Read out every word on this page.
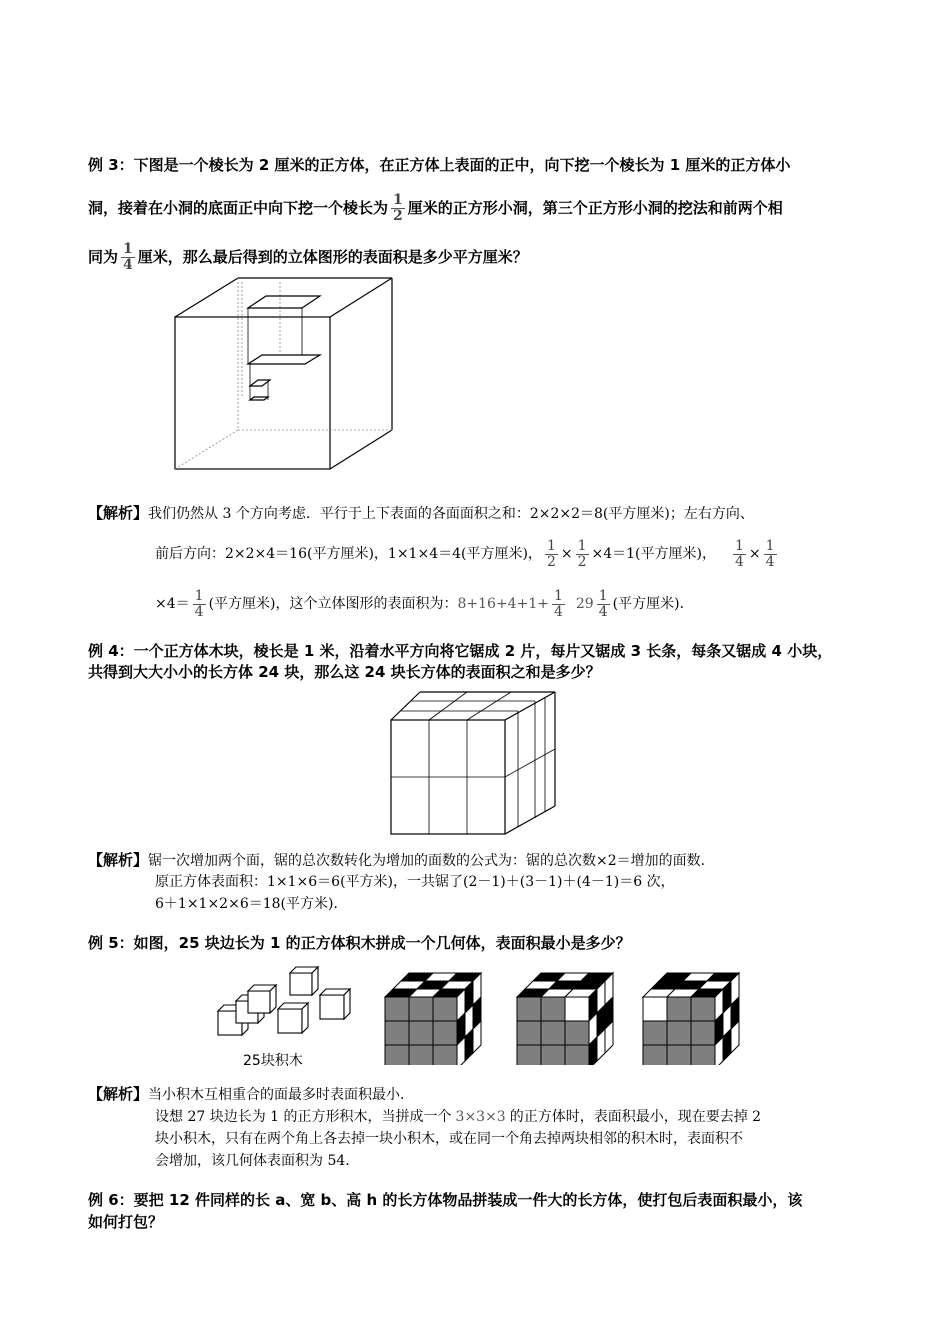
例 3：下图是一个棱长为 2 厘米的正方体，在正方体上表面的正中，向下挖一个棱长为 1 厘米的正方体小
洞，接着在小洞的底面正中向下挖一个棱长为 $\frac{1}{2}$ 厘米的正方形小洞，第三个正方形小洞的挖法和前两个相
同为 $\frac{1}{4}$ 厘米，那么最后得到的立体图形的表面积是多少平方厘米？
【解析】我们仍然从 3 个方向考虑．平行于上下表面的各面面积之和：2×2×2＝8(平方厘米)；左右方向、
前后方向：2×2×4＝16(平方厘米)，1×1×4＝4(平方厘米)， $\frac{1}{2} \times \frac{1}{2} \times 4=1$(平方厘米)， $\frac{1}{4} \times \frac{1}{4}$
$\times 4= \frac{1}{4}$ (平方厘米)，这个立体图形的表面积为： $8+16+4+1+ \frac{1}{4} 29 \frac{1}{4}$ (平方厘米)．
例 4：一个正方体木块，棱长是 1 米，沿着水平方向将它锯成 2 片，每片又锯成 3 长条，每条又锯成 4 小块，
共得到大大小小的长方体 24 块，那么这 24 块长方体的表面积之和是多少？
【解析】锯一次增加两个面，锯的总次数转化为增加的面数的公式为：锯的总次数×2＝增加的面数．
原正方体表面积：1×1×6＝6(平方米)，一共锯了(2－1)＋(3－1)＋(4－1)＝6 次，
6＋1×1×2×6＝18(平方米)．
例 5：如图，25 块边长为 1 的正方体积木拼成一个几何体，表面积最小是多少？
25块积木
【解析】当小积木互相重合的面最多时表面积最小．
设想 27 块边长为 1 的正方形积木，当拼成一个 3×3×3 的正方体时，表面积最小，现在要去掉 2
块小积木，只有在两个角上各去掉一块小积木，或在同一个角去掉两块相邻的积木时，表面积不
会增加，该几何体表面积为 54.
例 6：要把 12 件同样的长 a、宽 b、高 h 的长方体物品拼装成一件大的长方体，使打包后表面积最小，该
如何打包？
